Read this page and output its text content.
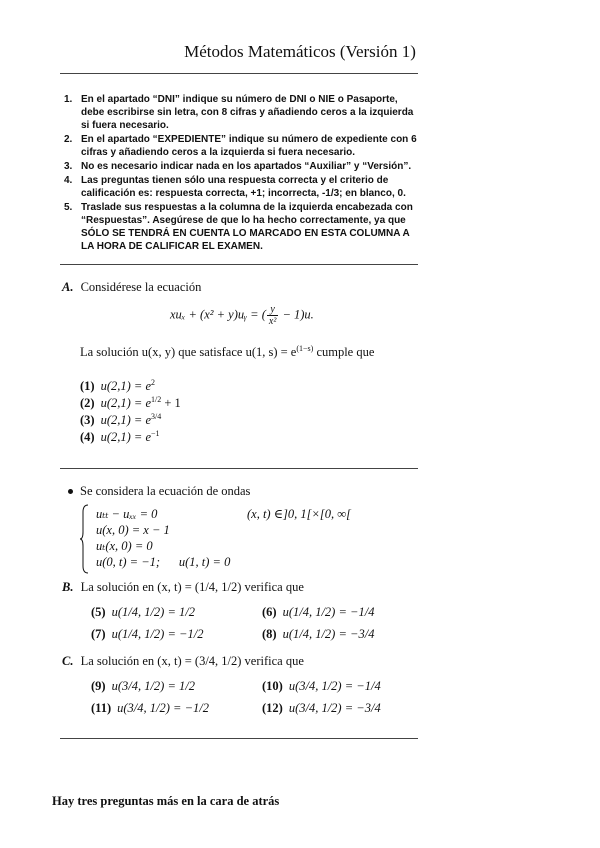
Métodos Matemáticos (Versión 1)
1. En el apartado “DNI” indique su número de DNI o NIE o Pasaporte, debe escribirse sin letra, con 8 cifras y añadiendo ceros a la izquierda si fuera necesario.
2. En el apartado “EXPEDIENTE” indique su número de expediente con 6 cifras y añadiendo ceros a la izquierda si fuera necesario.
3. No es necesario indicar nada en los apartados “Auxiliar” y “Versión”.
4. Las preguntas tienen sólo una respuesta correcta y el criterio de calificación es: respuesta correcta, +1; incorrecta, -1/3; en blanco, 0.
5. Traslade sus respuestas a la columna de la izquierda encabezada con “Respuestas”. Asegúrese de que lo ha hecho correctamente, ya que SÓLO SE TENDRÁ EN CUENTA LO MARCADO EN ESTA COLUMNA A LA HORA DE CALIFICAR EL EXAMEN.
A. Considérese la ecuación
xuₓ + (x² + y)uᵧ = ( $\frac{y}{\text{x²}} - 1)u$.
La solución u(x, y) que satisface u(1, $s) = e^{(1-s)}$ cumple que
(1) $u(2,1) = e^2$
(2) $u(2,1) = e^{1/2} + 1$
(3) $u(2,1) = e^{3/4}$
(4) $u(2,1) = e^{-1}$
Se considera la ecuación de ondas
uₜₜ − uₓₓ = 0
u(x, 0) = x − 1
uₜ(x, 0) = 0
u(0, t) = −1;      u(1, t) = 0
(x, t) ∈]0, 1[×[0, ∞[
B. La solución en (x, t) = (1/4, 1/2) verifica que
(5) u(1/4, 1/2) = 1/2	(6) u(1/4, 1/2) = −1/4
(7) u(1/4, 1/2) = −1/2	(8) u(1/4, 1/2) = −3/4
C. La solución en (x, t) = (3/4, 1/2) verifica que
(9) u(3/4, 1/2) = 1/2	(10) u(3/4, 1/2) = −1/4
(11) u(3/4, 1/2) = −1/2	(12) u(3/4, 1/2) = −3/4
Hay tres preguntas más en la cara de atrás
